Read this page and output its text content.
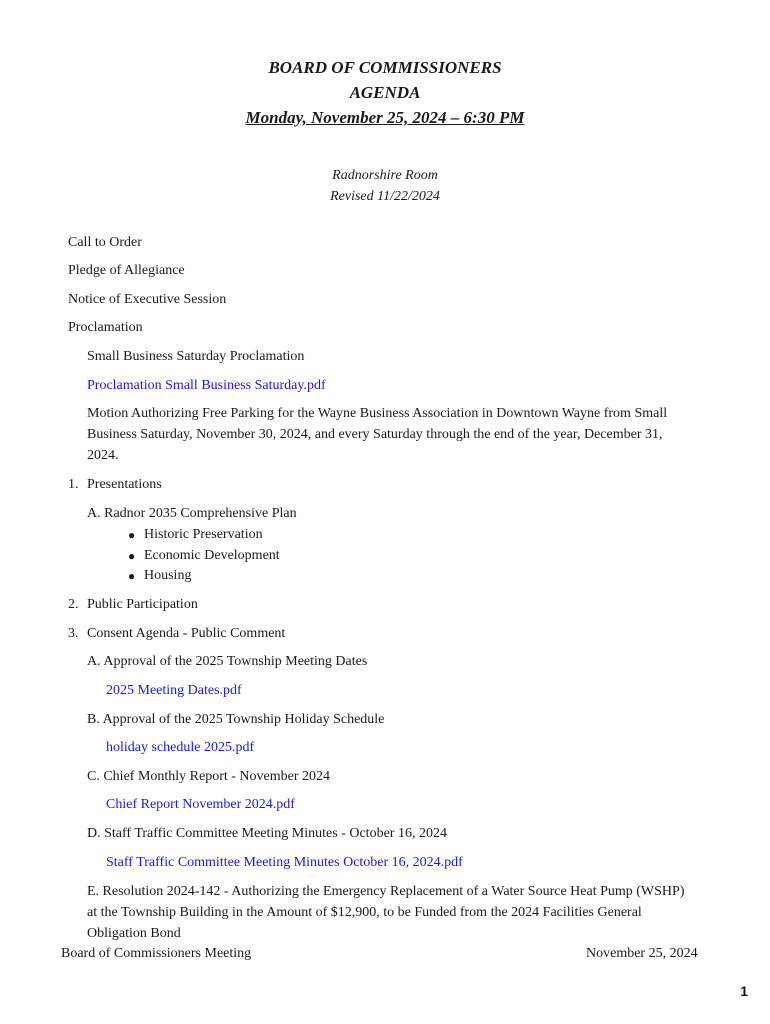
BOARD OF COMMISSIONERS
AGENDA
Monday, November 25, 2024 – 6:30 PM
Radnorshire Room
Revised 11/22/2024
Call to Order
Pledge of Allegiance
Notice of Executive Session
Proclamation
Small Business Saturday Proclamation
Proclamation Small Business Saturday.pdf
Motion Authorizing Free Parking for the Wayne Business Association in Downtown Wayne from Small Business Saturday, November 30, 2024, and every Saturday through the end of the year, December 31, 2024.
1. Presentations
A. Radnor 2035 Comprehensive Plan
● Historic Preservation
● Economic Development
● Housing
2. Public Participation
3. Consent Agenda - Public Comment
A. Approval of the 2025 Township Meeting Dates
2025 Meeting Dates.pdf
B. Approval of the 2025 Township Holiday Schedule
holiday schedule 2025.pdf
C. Chief Monthly Report - November 2024
Chief Report November 2024.pdf
D. Staff Traffic Committee Meeting Minutes - October 16, 2024
Staff Traffic Committee Meeting Minutes October 16, 2024.pdf
E. Resolution 2024-142 - Authorizing the Emergency Replacement of a Water Source Heat Pump (WSHP) at the Township Building in the Amount of $12,900, to be Funded from the 2024 Facilities General Obligation Bond
Board of Commissioners Meeting	November 25, 2024
1
